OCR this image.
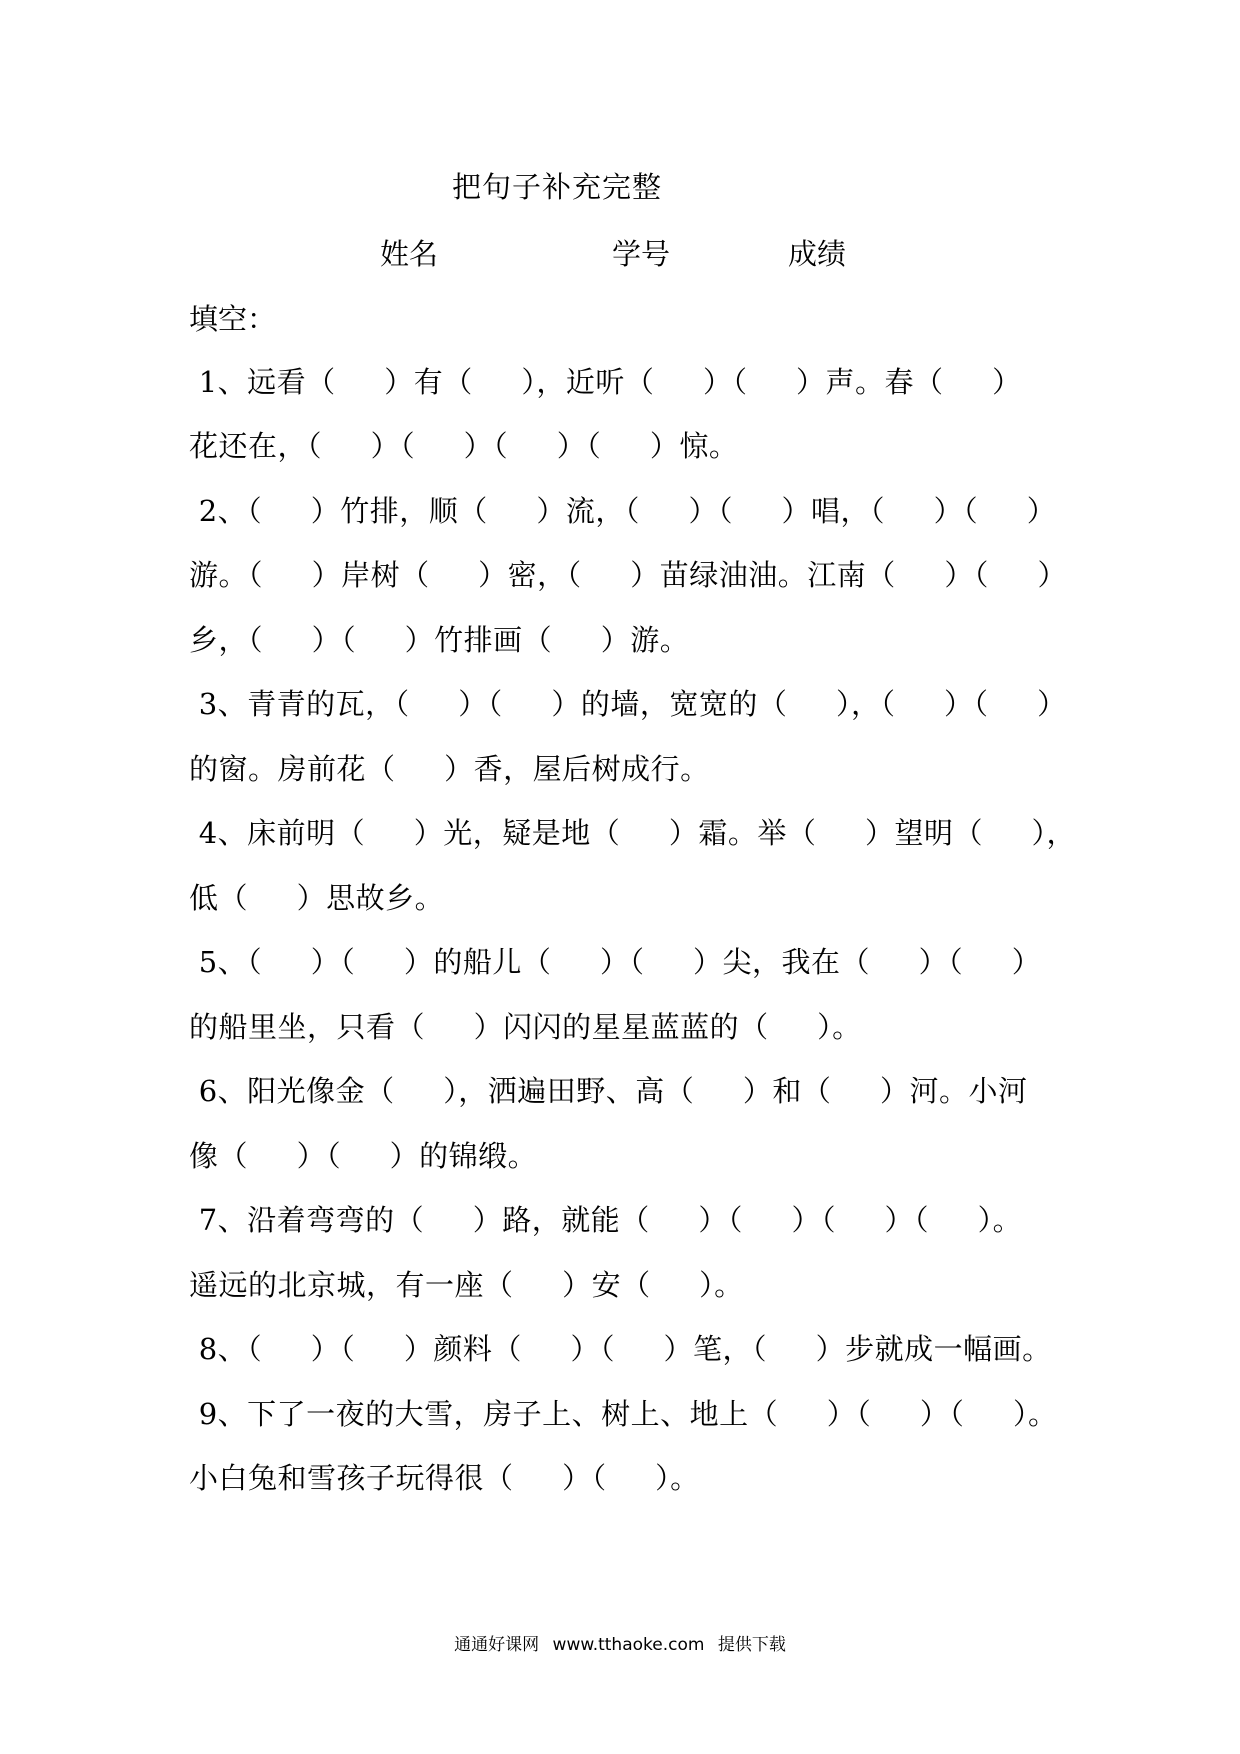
把句子补充完整
姓名	学号	成绩
填空：
1、远看（     ）有（     ），近听（     ）（     ）声。春（     ）
花还在，（     ）（     ）（     ）（     ）惊。
2、（     ）竹排，顺（     ）流，（     ）（     ）唱，（     ）（     ）
游。（     ）岸树（     ）密，（     ）苗绿油油。江南（     ）（     ）
乡，（     ）（     ）竹排画（     ）游。
3、青青的瓦，（     ）（     ）的墙，宽宽的（     ），（     ）（     ）
的窗。房前花（     ）香，屋后树成行。
4、床前明（     ）光，疑是地（     ）霜。举（     ）望明（     ），
低（     ）思故乡。
5、（     ）（     ）的船儿（     ）（     ）尖，我在（     ）（     ）
的船里坐，只看（     ）闪闪的星星蓝蓝的（     ）。
6、阳光像金（     ），洒遍田野、高（     ）和（     ）河。小河
像（     ）（     ）的锦缎。
7、沿着弯弯的（     ）路，就能（     ）（     ）（     ）（     ）。
遥远的北京城，有一座（     ）安（     ）。
8、（     ）（     ）颜料（     ）（     ）笔，（     ）步就成一幅画。
9、下了一夜的大雪，房子上、树上、地上（     ）（     ）（     ）。
小白兔和雪孩子玩得很（     ）（     ）。
通通好课网 www.tthaoke.com 提供下载
